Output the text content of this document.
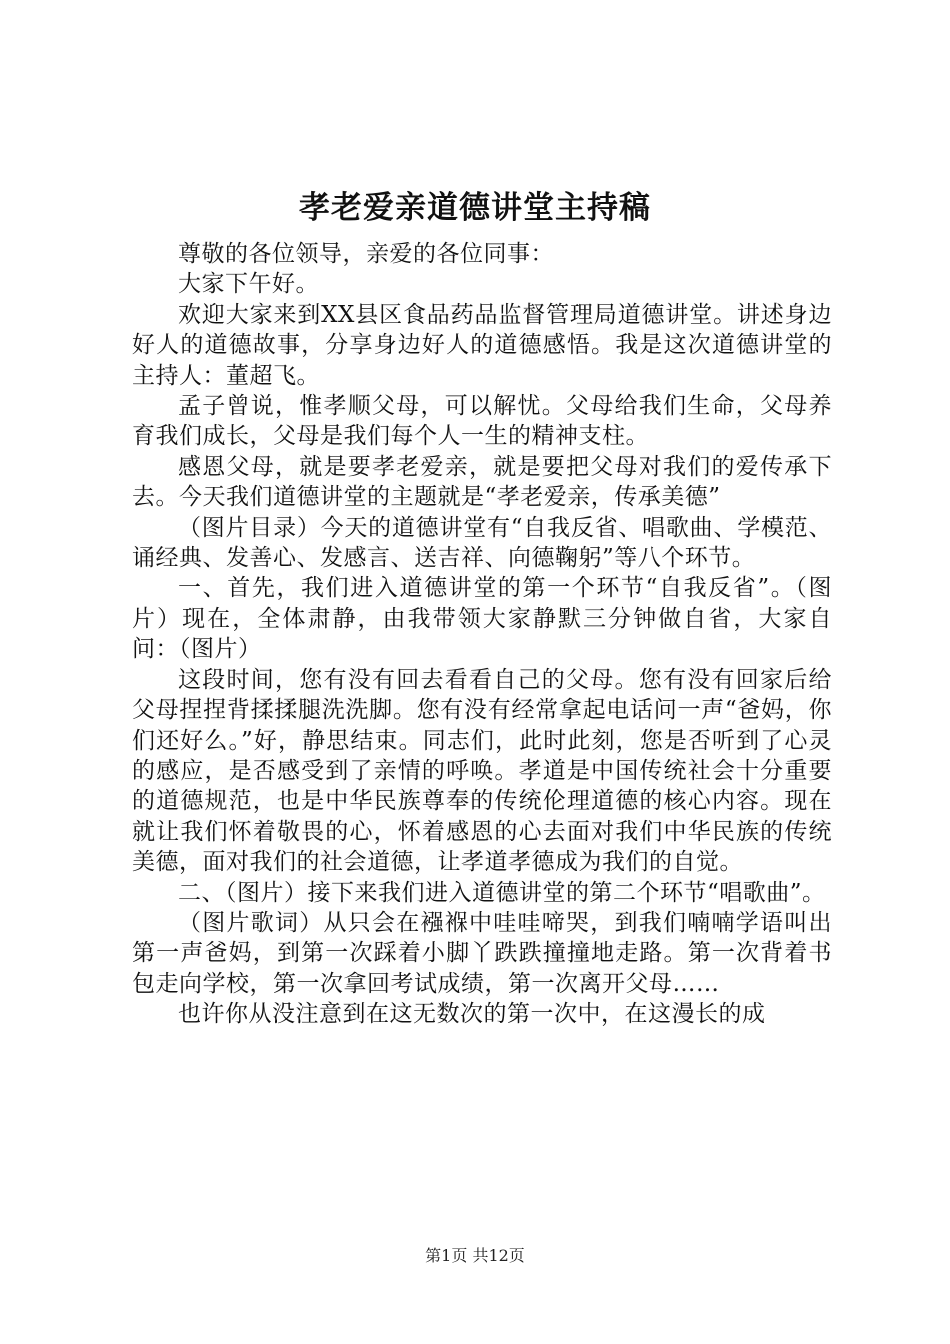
孝老爱亲道德讲堂主持稿

尊敬的各位领导，亲爱的各位同事：

大家下午好。

欢迎大家来到XX县区食品药品监督管理局道德讲堂。讲述身边好人的道德故事，分享身边好人的道德感悟。我是这次道德讲堂的主持人：董超飞。

孟子曾说，惟孝顺父母，可以解忧。父母给我们生命，父母养育我们成长，父母是我们每个人一生的精神支柱。

感恩父母，就是要孝老爱亲，就是要把父母对我们的爱传承下去。今天我们道德讲堂的主题就是“孝老爱亲，传承美德”

（图片目录）今天的道德讲堂有“自我反省、唱歌曲、学模范、诵经典、发善心、发感言、送吉祥、向德鞠躬”等八个环节。

一、首先，我们进入道德讲堂的第一个环节“自我反省”。（图片）现在，全体肃静，由我带领大家静默三分钟做自省，大家自问：（图片）

这段时间，您有没有回去看看自己的父母。您有没有回家后给父母捏捏背揉揉腿洗洗脚。您有没有经常拿起电话问一声“爸妈，你们还好么。”好，静思结束。同志们，此时此刻，您是否听到了心灵的感应，是否感受到了亲情的呼唤。孝道是中国传统社会十分重要的道德规范，也是中华民族尊奉的传统伦理道德的核心内容。现在就让我们怀着敬畏的心，怀着感恩的心去面对我们中华民族的传统美德，面对我们的社会道德，让孝道孝德成为我们的自觉。

二、（图片）接下来我们进入道德讲堂的第二个环节“唱歌曲”。

（图片歌词）从只会在襁褓中哇哇啼哭，到我们喃喃学语叫出第一声爸妈，到第一次踩着小脚丫跌跌撞撞地走路。第一次背着书包走向学校，第一次拿回考试成绩，第一次离开父母……

也许你从没注意到在这无数次的第一次中，在这漫长的成

第1页 共12页
